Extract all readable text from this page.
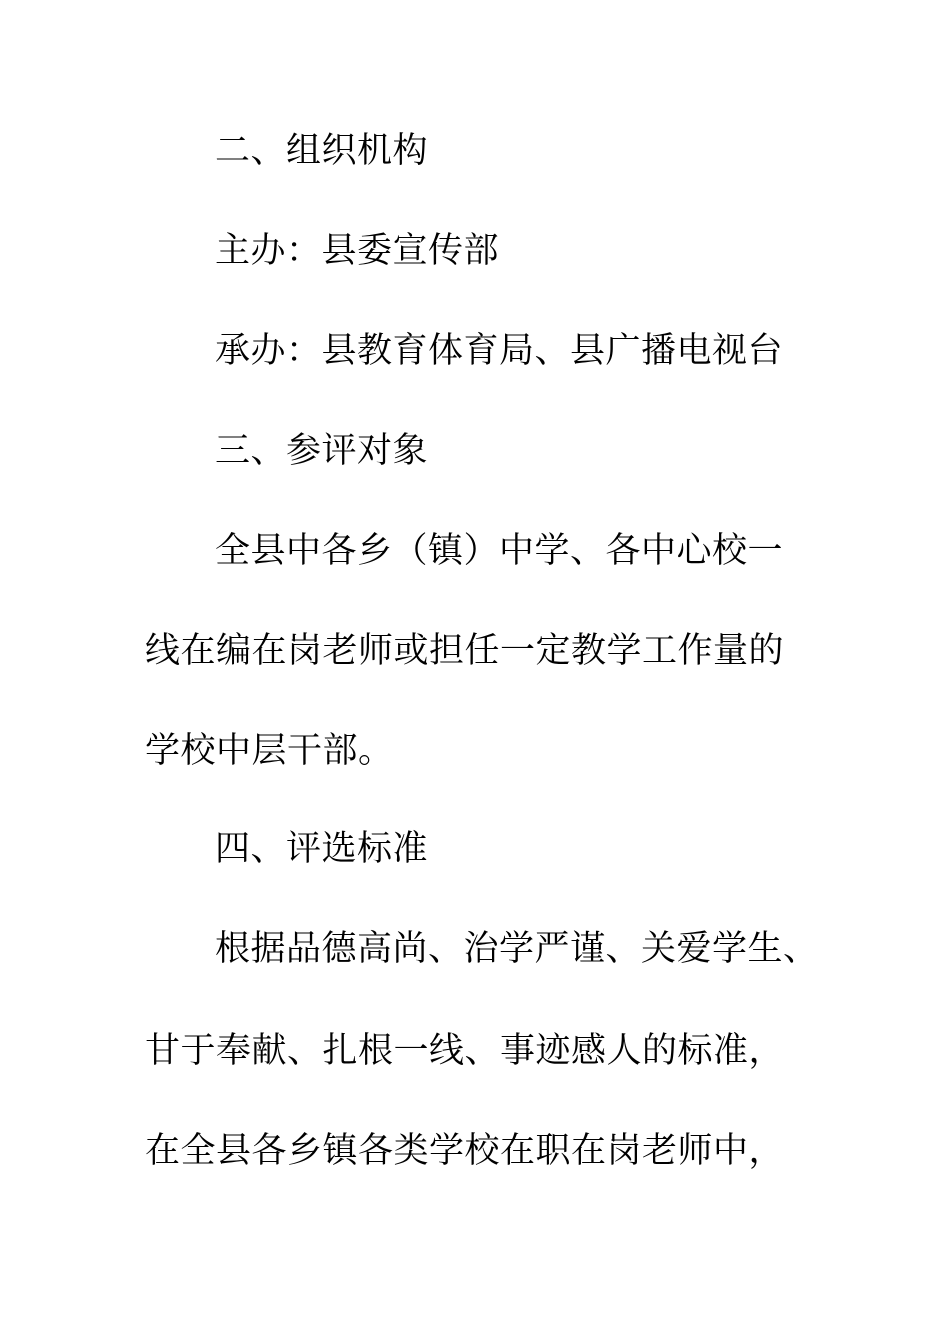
二、组织机构

主办：县委宣传部

承办：县教育体育局、县广播电视台

三、参评对象

全县中各乡（镇）中学、各中心校一

线在编在岗老师或担任一定教学工作量的

学校中层干部。

四、评选标准

根据品德高尚、治学严谨、关爱学生、

甘于奉献、扎根一线、事迹感人的标准，

在全县各乡镇各类学校在职在岗老师中，
